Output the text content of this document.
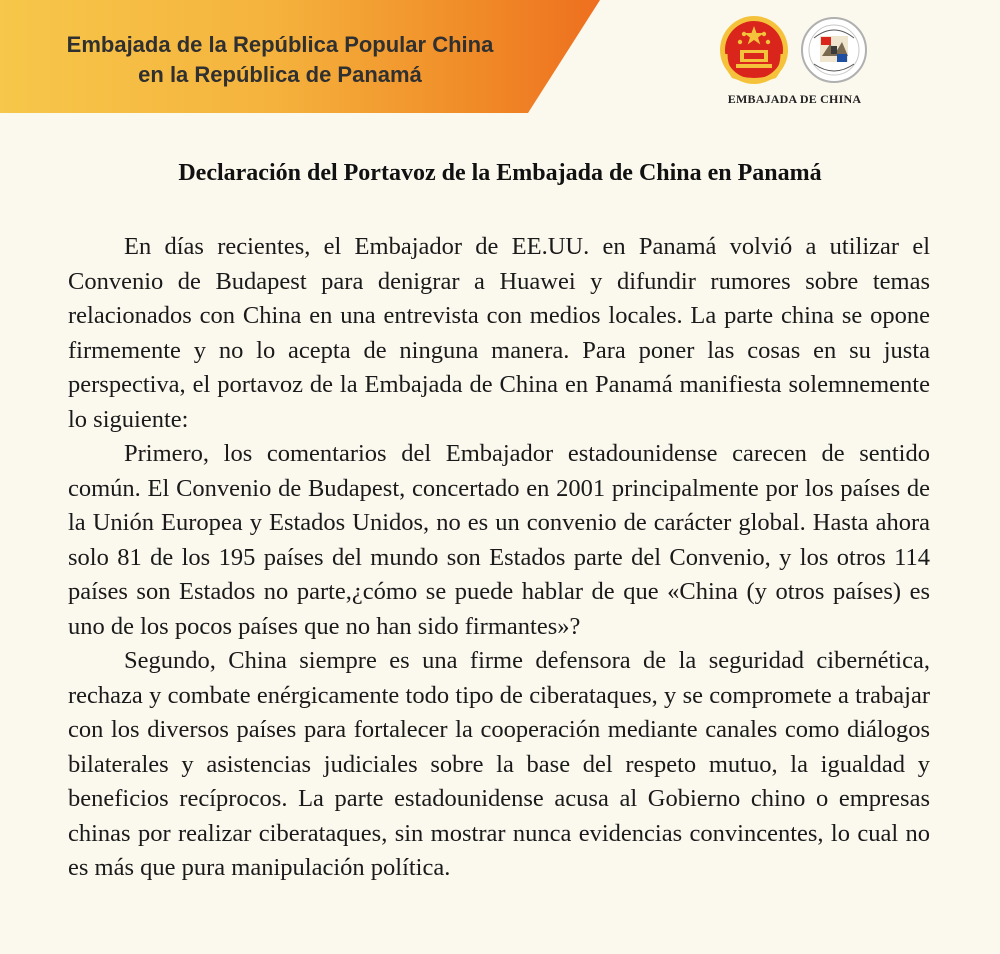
Embajada de la República Popular China
en la República de Panamá
EMBAJADA DE CHINA
Declaración del Portavoz de la Embajada de China en Panamá

En días recientes, el Embajador de EE.UU. en Panamá volvió a utilizar el Convenio de Budapest para denigrar a Huawei y difundir rumores sobre temas relacionados con China en una entrevista con medios locales. La parte china se opone firmemente y no lo acepta de ninguna manera. Para poner las cosas en su justa perspectiva, el portavoz de la Embajada de China en Panamá manifiesta solemnemente lo siguiente:

Primero, los comentarios del Embajador estadounidense carecen de sentido común. El Convenio de Budapest, concertado en 2001 principalmente por los países de la Unión Europea y Estados Unidos, no es un convenio de carácter global. Hasta ahora solo 81 de los 195 países del mundo son Estados parte del Convenio, y los otros 114 países son Estados no parte,¿cómo se puede hablar de que «China (y otros países) es uno de los pocos países que no han sido firmantes»?

Segundo, China siempre es una firme defensora de la seguridad cibernética, rechaza y combate enérgicamente todo tipo de ciberataques, y se compromete a trabajar con los diversos países para fortalecer la cooperación mediante canales como diálogos bilaterales y asistencias judiciales sobre la base del respeto mutuo, la igualdad y beneficios recíprocos. La parte estadounidense acusa al Gobierno chino o empresas chinas por realizar ciberataques, sin mostrar nunca evidencias convincentes, lo cual no es más que pura manipulación política.
